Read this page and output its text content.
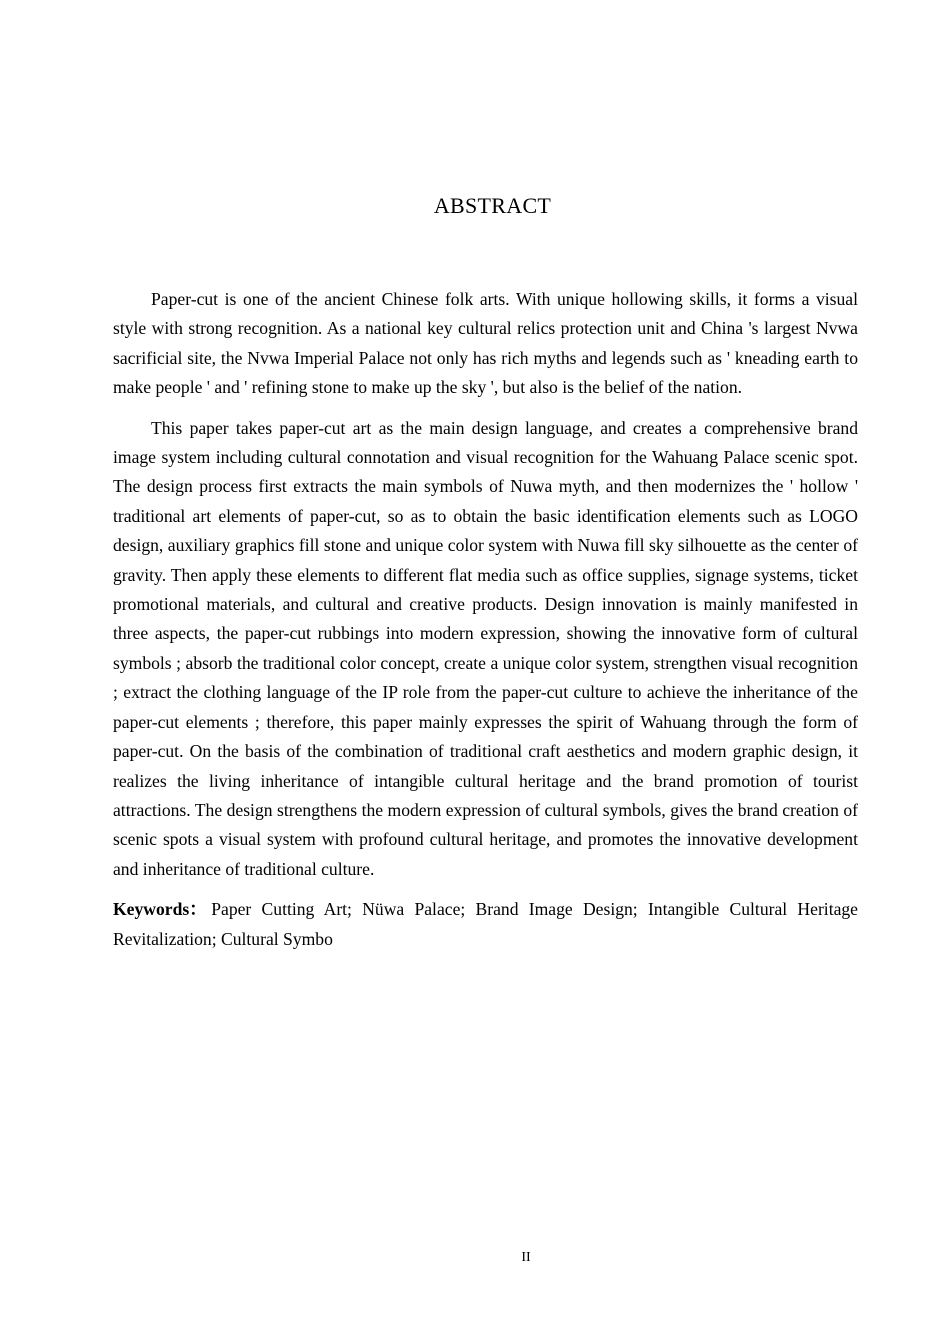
ABSTRACT

Paper-cut is one of the ancient Chinese folk arts. With unique hollowing skills, it forms a visual style with strong recognition. As a national key cultural relics protection unit and China 's largest Nvwa sacrificial site, the Nvwa Imperial Palace not only has rich myths and legends such as ' kneading earth to make people ' and ' refining stone to make up the sky ', but also is the belief of the nation.

This paper takes paper-cut art as the main design language, and creates a comprehensive brand image system including cultural connotation and visual recognition for the Wahuang Palace scenic spot. The design process first extracts the main symbols of Nuwa myth, and then modernizes the ' hollow ' traditional art elements of paper-cut, so as to obtain the basic identification elements such as LOGO design, auxiliary graphics fill stone and unique color system with Nuwa fill sky silhouette as the center of gravity. Then apply these elements to different flat media such as office supplies, signage systems, ticket promotional materials, and cultural and creative products. Design innovation is mainly manifested in three aspects, the paper-cut rubbings into modern expression, showing the innovative form of cultural symbols ; absorb the traditional color concept, create a unique color system, strengthen visual recognition ; extract the clothing language of the IP role from the paper-cut culture to achieve the inheritance of the paper-cut elements ; therefore, this paper mainly expresses the spirit of Wahuang through the form of paper-cut. On the basis of the combination of traditional craft aesthetics and modern graphic design, it realizes the living inheritance of intangible cultural heritage and the brand promotion of tourist attractions. The design strengthens the modern expression of cultural symbols, gives the brand creation of scenic spots a visual system with profound cultural heritage, and promotes the innovative development and inheritance of traditional culture.

Keywords： Paper Cutting Art; Nüwa Palace; Brand Image Design; Intangible Cultural Heritage Revitalization; Cultural Symbo

II
